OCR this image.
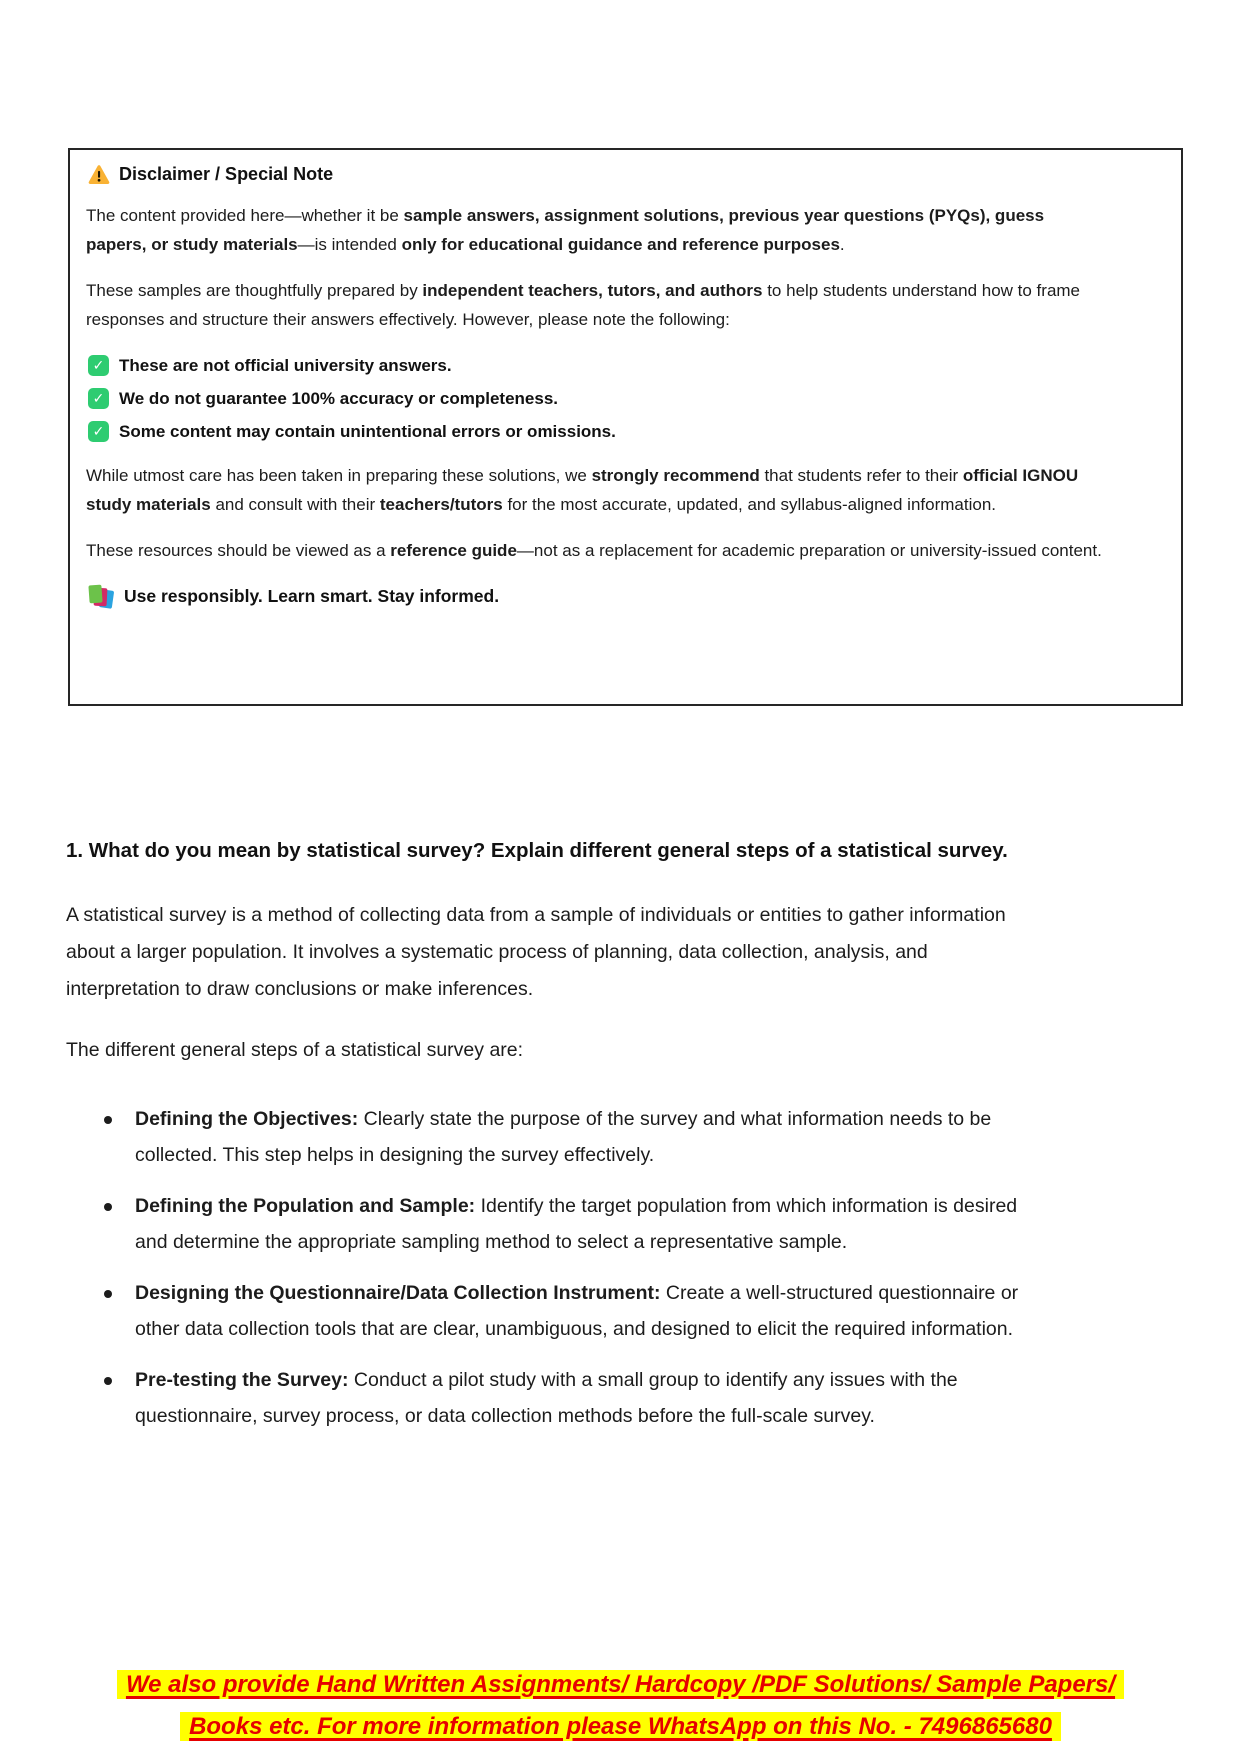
Disclaimer / Special Note

The content provided here—whether it be sample answers, assignment solutions, previous year questions (PYQs), guess papers, or study materials—is intended only for educational guidance and reference purposes.

These samples are thoughtfully prepared by independent teachers, tutors, and authors to help students understand how to frame responses and structure their answers effectively. However, please note the following:

✓ These are not official university answers.
✓ We do not guarantee 100% accuracy or completeness.
✓ Some content may contain unintentional errors or omissions.

While utmost care has been taken in preparing these solutions, we strongly recommend that students refer to their official IGNOU study materials and consult with their teachers/tutors for the most accurate, updated, and syllabus-aligned information.

These resources should be viewed as a reference guide—not as a replacement for academic preparation or university-issued content.

Use responsibly. Learn smart. Stay informed.
1. What do you mean by statistical survey? Explain different general steps of a statistical survey.

A statistical survey is a method of collecting data from a sample of individuals or entities to gather information about a larger population. It involves a systematic process of planning, data collection, analysis, and interpretation to draw conclusions or make inferences.

The different general steps of a statistical survey are:

Defining the Objectives: Clearly state the purpose of the survey and what information needs to be collected. This step helps in designing the survey effectively.
Defining the Population and Sample: Identify the target population from which information is desired and determine the appropriate sampling method to select a representative sample.
Designing the Questionnaire/Data Collection Instrument: Create a well-structured questionnaire or other data collection tools that are clear, unambiguous, and designed to elicit the required information.
Pre-testing the Survey: Conduct a pilot study with a small group to identify any issues with the questionnaire, survey process, or data collection methods before the full-scale survey.
We also provide Hand Written Assignments/ Hardcopy /PDF Solutions/ Sample Papers/
Books etc. For more information please WhatsApp on this No. - 7496865680
